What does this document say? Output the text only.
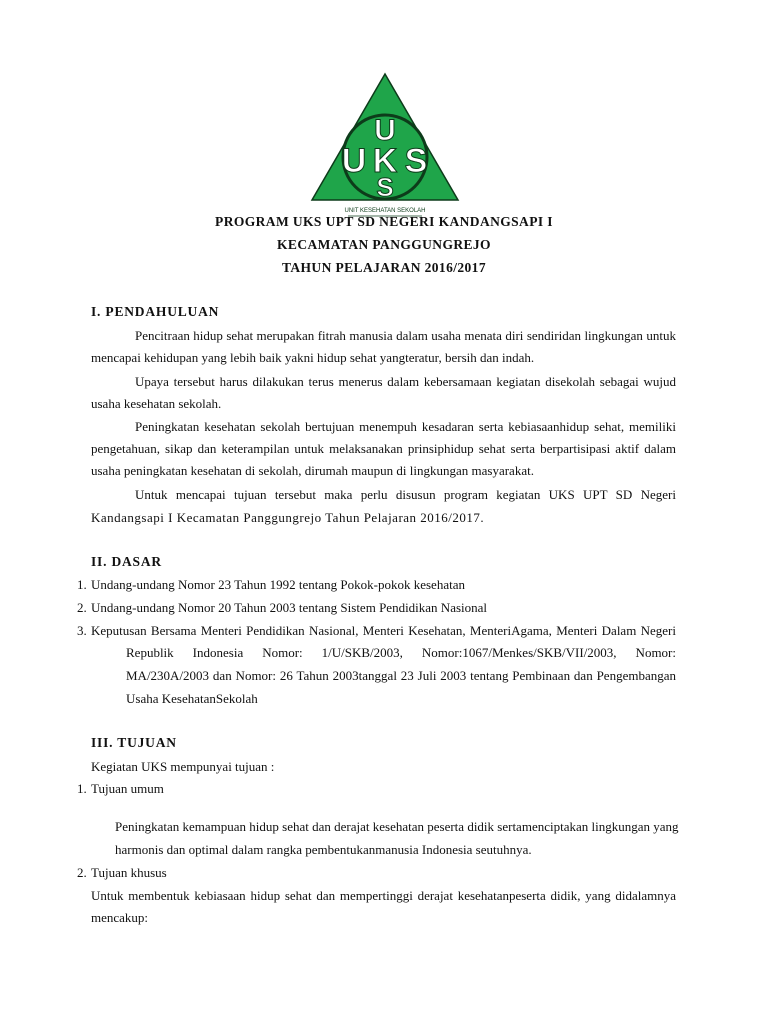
U
K
U S
S
UNIT KESEHATAN SEKOLAH
PROGRAM UKS UPT SD NEGERI KANDANGSAPI I
KECAMATAN PANGGUNGREJO
TAHUN PELAJARAN 2016/2017
I. PENDAHULUAN
Pencitraan hidup sehat merupakan fitrah manusia dalam usaha menata diri sendiridan lingkungan untuk
mencapai kehidupan yang lebih baik yakni hidup sehat yangteratur, bersih dan indah.
Upaya tersebut harus dilakukan terus menerus dalam kebersamaan kegiatan disekolah sebagai wujud
usaha kesehatan sekolah.
Peningkatan kesehatan sekolah bertujuan menempuh kesadaran serta kebiasaanhidup sehat, memiliki
pengetahuan, sikap dan keterampilan untuk melaksanakan prinsiphidup sehat serta berpartisipasi aktif dalam
usaha peningkatan kesehatan di sekolah, dirumah maupun di lingkungan masyarakat.
Untuk mencapai tujuan tersebut maka perlu disusun program kegiatan UKS UPT SD Negeri
Kandangsapi I Kecamatan Panggungrejo Tahun Pelajaran 2016/2017.
II. DASAR
1. Undang-undang Nomor 23 Tahun 1992 tentang Pokok-pokok kesehatan
2. Undang-undang Nomor 20 Tahun 2003 tentang Sistem Pendidikan Nasional
3. Keputusan Bersama Menteri Pendidikan Nasional, Menteri Kesehatan, MenteriAgama, Menteri Dalam Negeri
Republik Indonesia Nomor: 1/U/SKB/2003, Nomor:1067/Menkes/SKB/VII/2003, Nomor:
MA/230A/2003 dan Nomor: 26 Tahun 2003tanggal 23 Juli 2003 tentang Pembinaan dan Pengembangan
Usaha KesehatanSekolah
III. TUJUAN
Kegiatan UKS mempunyai tujuan :
1. Tujuan umum
Peningkatan kemampuan hidup sehat dan derajat kesehatan peserta didik sertamenciptakan lingkungan yang
harmonis dan optimal dalam rangka pembentukanmanusia Indonesia seutuhnya.
2. Tujuan khusus
Untuk membentuk kebiasaan hidup sehat dan mempertinggi derajat kesehatanpeserta didik, yang didalamnya
mencakup:
